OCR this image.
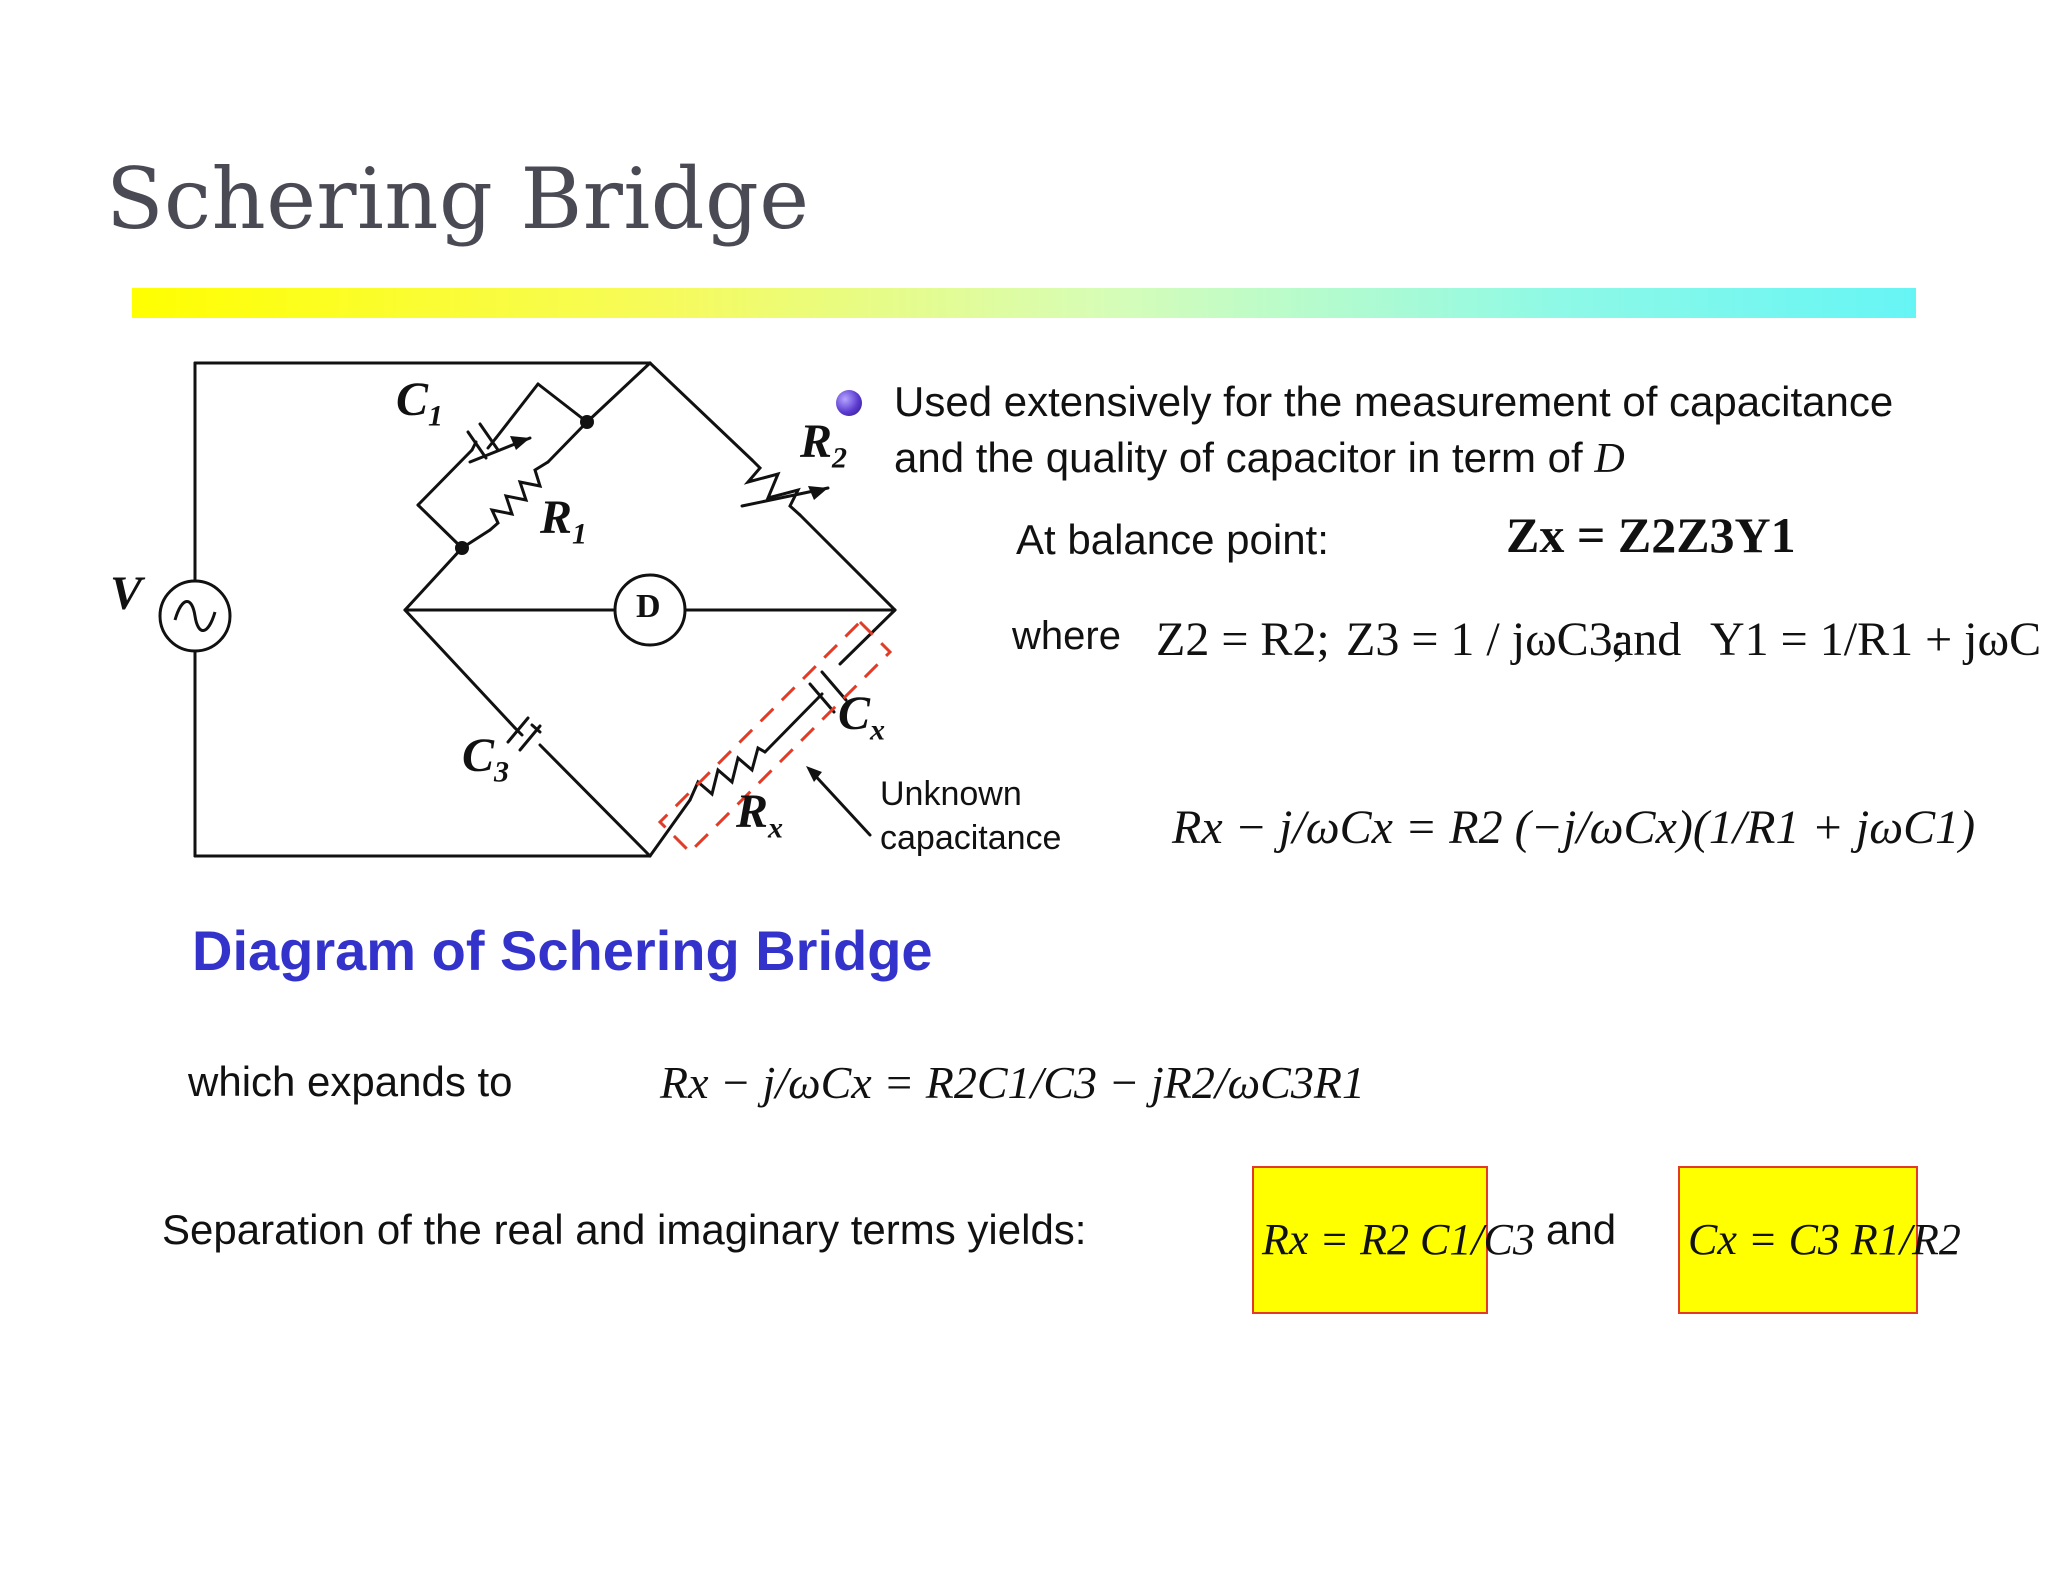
Schering Bridge
$C_1$
$R_1$
$R_2$
$C_3$
$C_x$
$R_x$
V	D
Unknown
capacitance
Diagram of Schering Bridge
Used extensively for the measurement of capacitance
and the quality of capacitor in term of D
At balance point:	Zx = Z2Z3Y1
where Z2 = R2; Z3 = 1 / jωC3;
and Y1 = 1/R1 + jωC
Rx − j/ωCx = R2 (−j/ωCx)(1/R1 + jωC1)
which expands to	Rx − j/ωCx = R2C1/C3 − jR2/ωC3R1
Separation of the real and imaginary terms yields:	Rx = R2 C1/C3 and Cx = C3 R1/R2
